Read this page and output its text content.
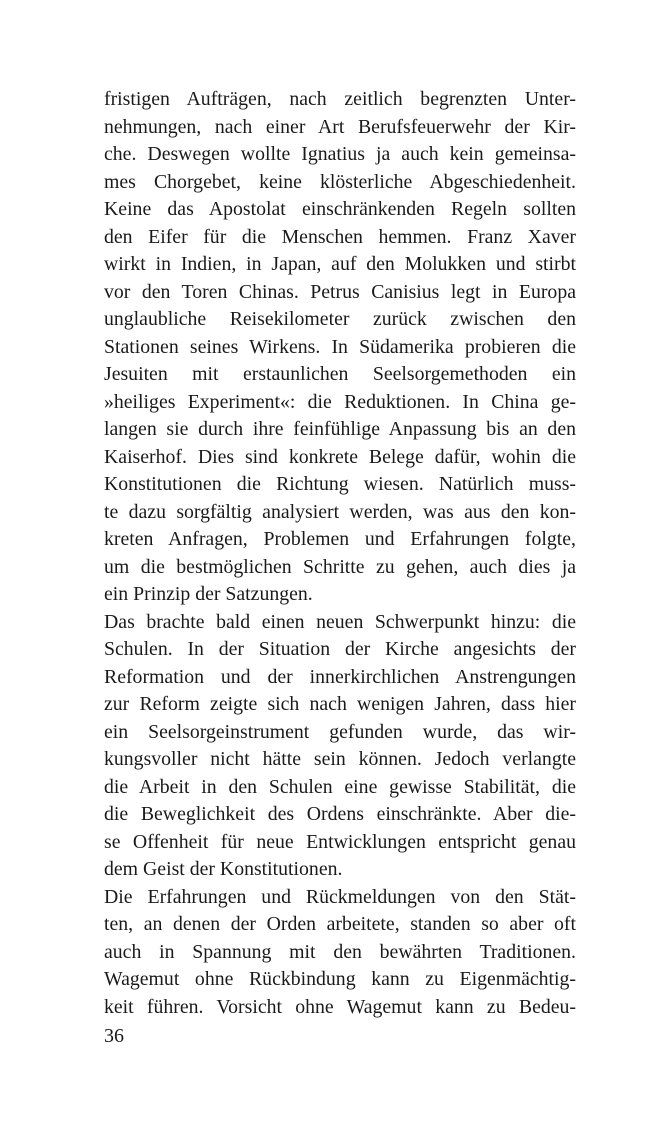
fristigen Aufträgen, nach zeitlich begrenzten Unter-
nehmungen, nach einer Art Berufsfeuerwehr der Kir-
che. Deswegen wollte Ignatius ja auch kein gemeinsa-
mes Chorgebet, keine klösterliche Abgeschiedenheit.
Keine das Apostolat einschränkenden Regeln sollten
den Eifer für die Menschen hemmen. Franz Xaver
wirkt in Indien, in Japan, auf den Molukken und stirbt
vor den Toren Chinas. Petrus Canisius legt in Europa
unglaubliche Reisekilometer zurück zwischen den
Stationen seines Wirkens. In Südamerika probieren die
Jesuiten mit erstaunlichen Seelsorgemethoden ein
»heiliges Experiment«: die Reduktionen. In China ge-
langen sie durch ihre feinfühlige Anpassung bis an den
Kaiserhof. Dies sind konkrete Belege dafür, wohin die
Konstitutionen die Richtung wiesen. Natürlich muss-
te dazu sorgfältig analysiert werden, was aus den kon-
kreten Anfragen, Problemen und Erfahrungen folgte,
um die bestmöglichen Schritte zu gehen, auch dies ja
ein Prinzip der Satzungen.
Das brachte bald einen neuen Schwerpunkt hinzu: die
Schulen. In der Situation der Kirche angesichts der
Reformation und der innerkirchlichen Anstrengungen
zur Reform zeigte sich nach wenigen Jahren, dass hier
ein Seelsorgeinstrument gefunden wurde, das wir-
kungsvoller nicht hätte sein können. Jedoch verlangte
die Arbeit in den Schulen eine gewisse Stabilität, die
die Beweglichkeit des Ordens einschränkte. Aber die-
se Offenheit für neue Entwicklungen entspricht genau
dem Geist der Konstitutionen.
Die Erfahrungen und Rückmeldungen von den Stät-
ten, an denen der Orden arbeitete, standen so aber oft
auch in Spannung mit den bewährten Traditionen.
Wagemut ohne Rückbindung kann zu Eigenmächtig-
keit führen. Vorsicht ohne Wagemut kann zu Bedeu-
36
